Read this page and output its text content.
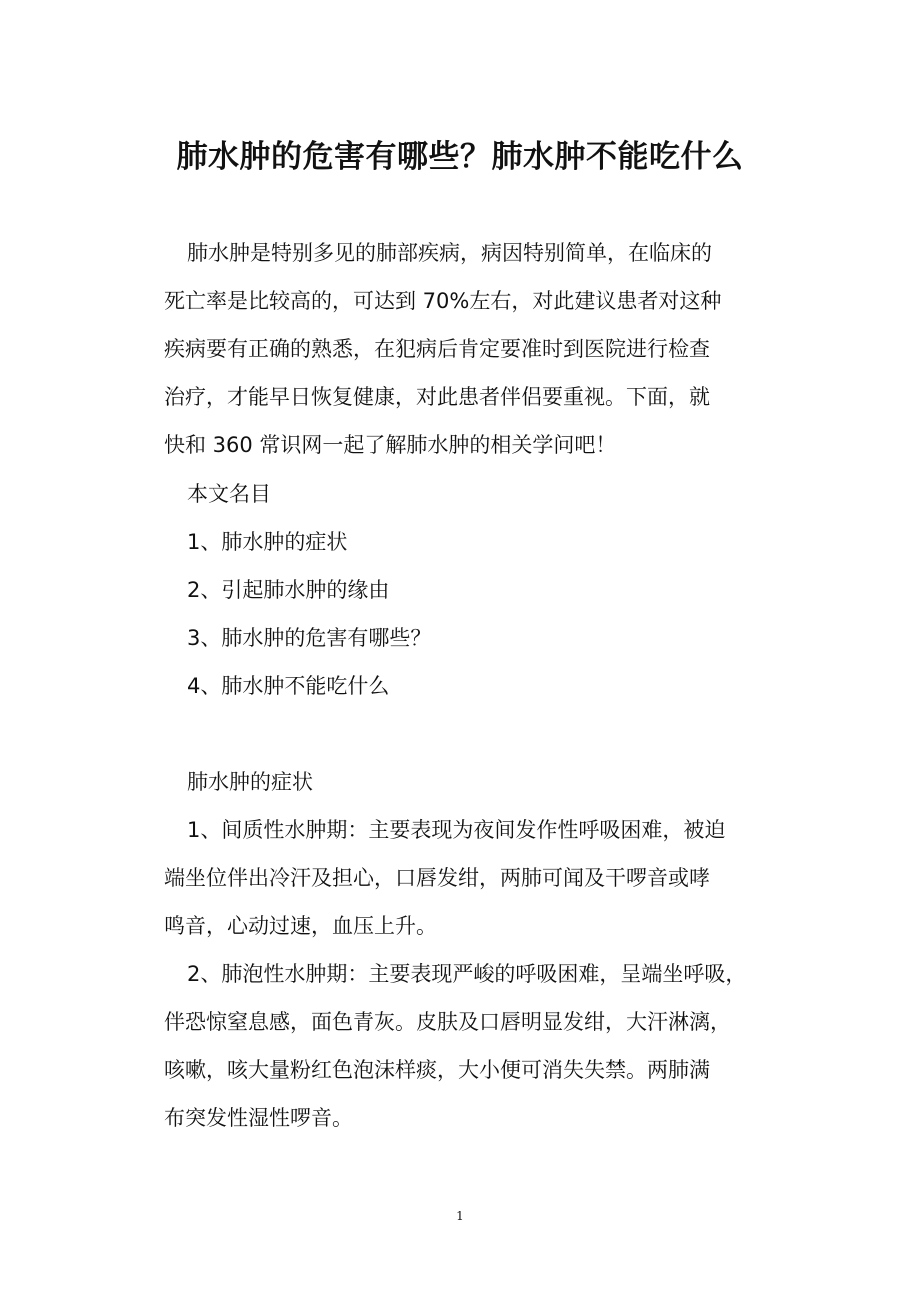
肺水肿的危害有哪些？肺水肿不能吃什么
肺水肿是特别多见的肺部疾病，病因特别简单，在临床的
死亡率是比较高的，可达到 70%左右，对此建议患者对这种
疾病要有正确的熟悉，在犯病后肯定要准时到医院进行检查
治疗，才能早日恢复健康，对此患者伴侣要重视。下面，就
快和 360 常识网一起了解肺水肿的相关学问吧！
本文名目
1、肺水肿的症状
2、引起肺水肿的缘由
3、肺水肿的危害有哪些？
4、肺水肿不能吃什么
肺水肿的症状
1、间质性水肿期：主要表现为夜间发作性呼吸困难，被迫
端坐位伴出冷汗及担心，口唇发绀，两肺可闻及干啰音或哮
鸣音，心动过速，血压上升。
2、肺泡性水肿期：主要表现严峻的呼吸困难，呈端坐呼吸，
伴恐惊窒息感，面色青灰。皮肤及口唇明显发绀，大汗淋漓，
咳嗽，咳大量粉红色泡沫样痰，大小便可消失失禁。两肺满
布突发性湿性啰音。
1
